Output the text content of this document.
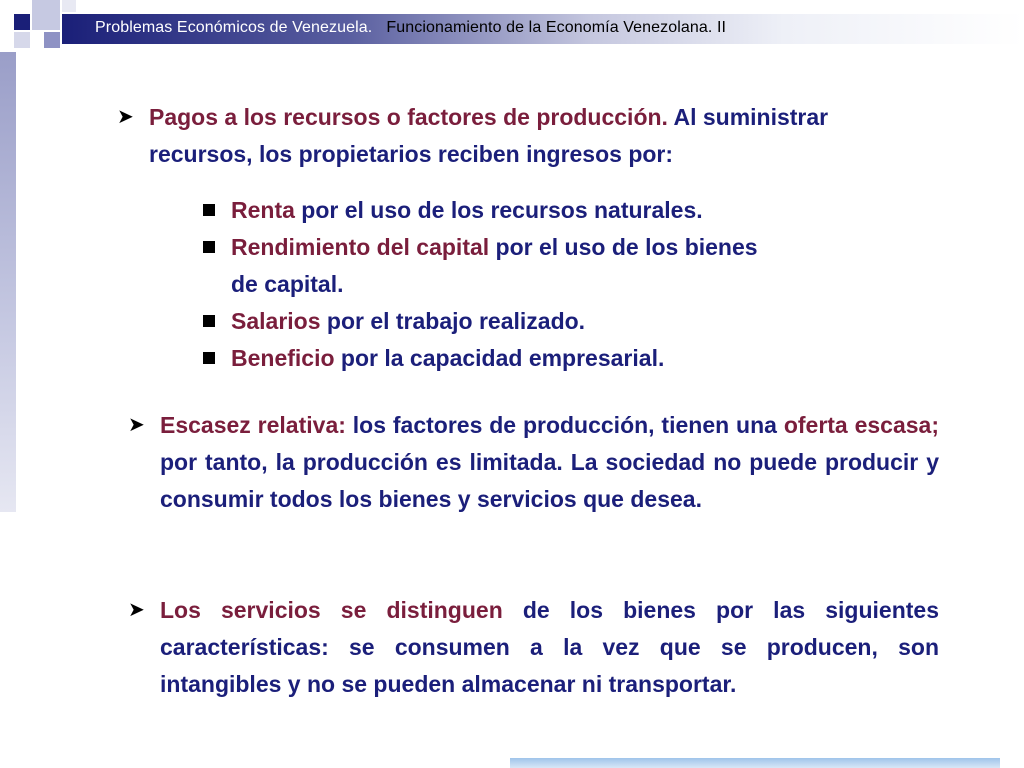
Problemas Económicos de Venezuela. Funcionamiento de la Economía Venezolana. II
➤ Pagos a los recursos o factores de producción. Al suministrar
recursos, los propietarios reciben ingresos por:
Renta por el uso de los recursos naturales.
Rendimiento del capital por el uso de los bienes
de capital.
Salarios por el trabajo realizado.
Beneficio por la capacidad empresarial.
➤ Escasez relativa: los factores de producción, tienen una oferta escasa; por tanto, la producción es limitada. La sociedad no puede producir y consumir todos los bienes y servicios que desea.
➤ Los servicios se distinguen de los bienes por las siguientes características: se consumen a la vez que se producen, son intangibles y no se pueden almacenar ni transportar.
